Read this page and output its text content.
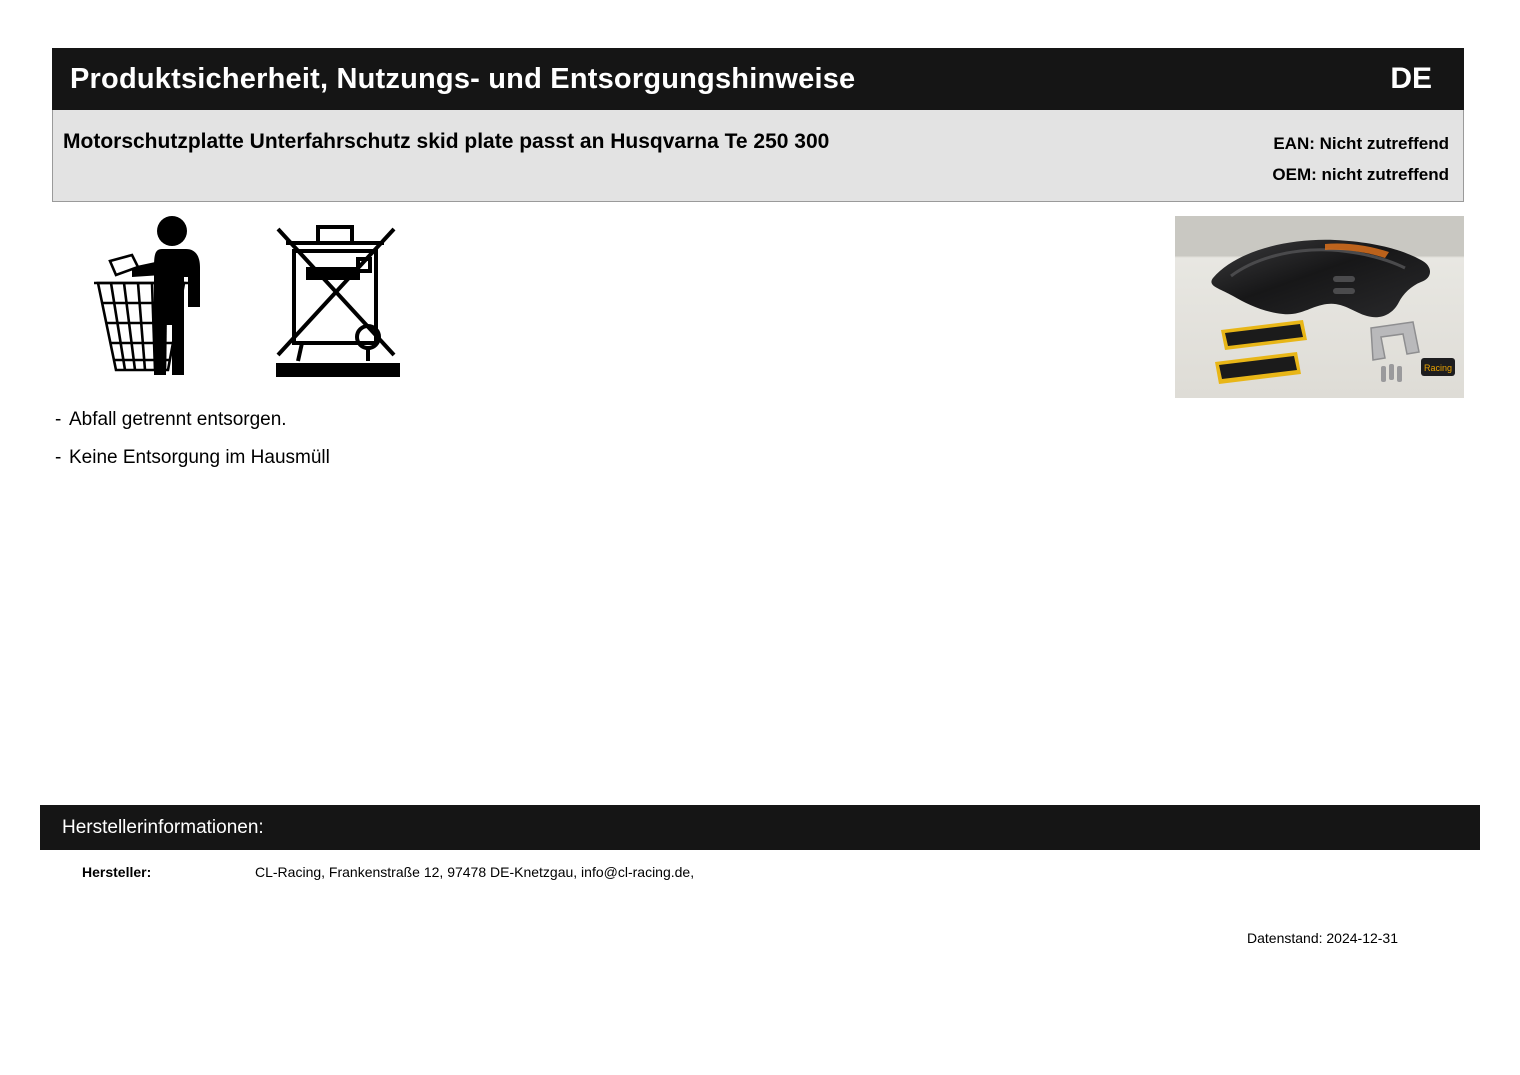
Produktsicherheit, Nutzungs- und Entsorgungshinweise	DE
Motorschutzplatte Unterfahrschutz skid plate passt an Husqvarna Te 250 300	EAN: Nicht zutreffend
OEM: nicht zutreffend
Racing
- Abfall getrennt entsorgen.
- Keine Entsorgung im Hausmüll
Herstellerinformationen:
Hersteller:	CL-Racing, Frankenstraße 12, 97478 DE-Knetzgau, info@cl-racing.de,
Datenstand: 2024-12-31
